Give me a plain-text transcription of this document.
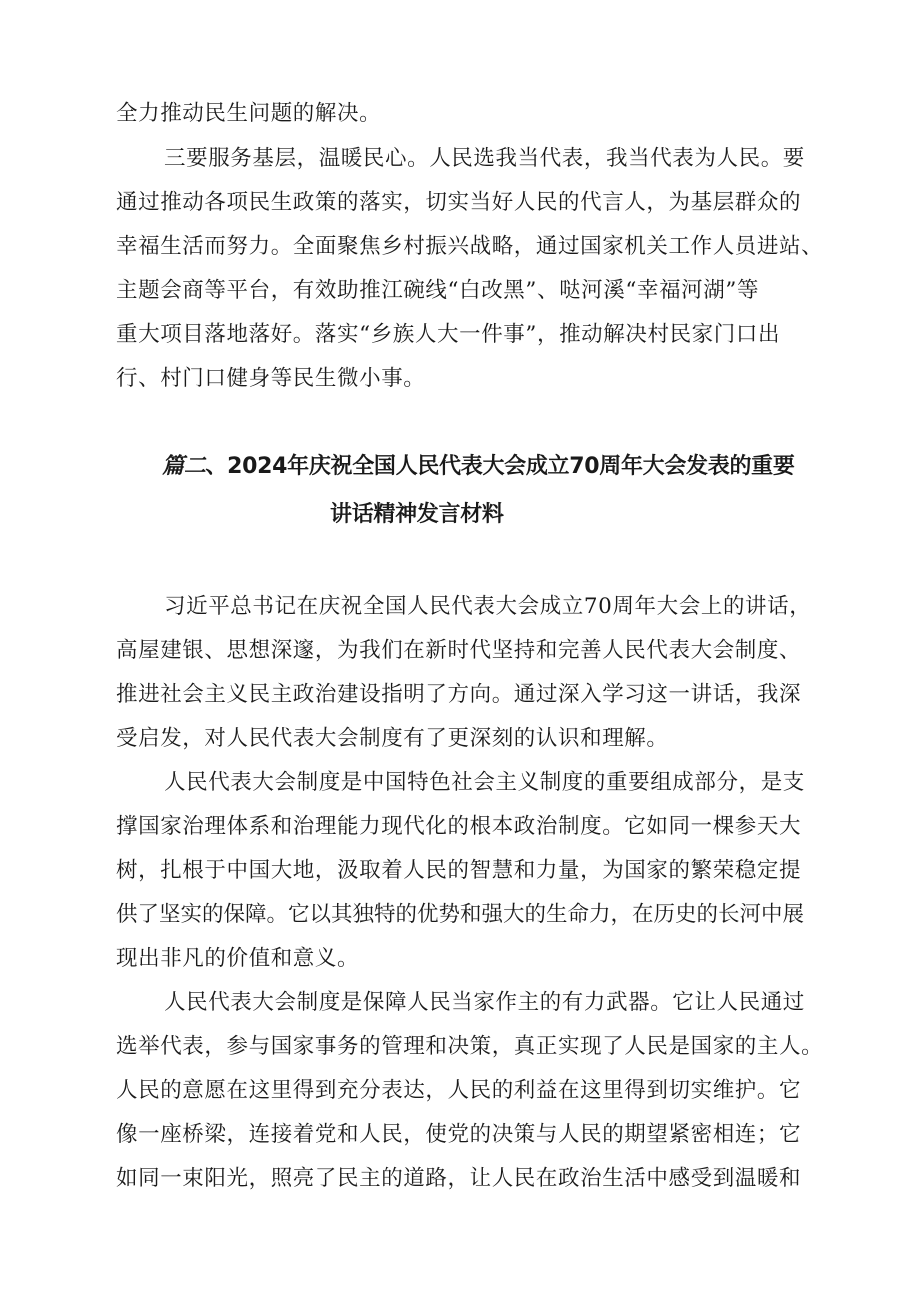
全力推动民生问题的解决。
三要服务基层，温暖民心。人民选我当代表，我当代表为人民。要
通过推动各项民生政策的落实，切实当好人民的代言人，为基层群众的
幸福生活而努力。全面聚焦乡村振兴战略，通过国家机关工作人员进站、
主题会商等平台，有效助推江碗线“白改黑”、哒河溪“幸福河湖”等
重大项目落地落好。落实“乡族人大一件事”，推动解决村民家门口出
行、村门口健身等民生微小事。
篇二、2024年庆祝全国人民代表大会成立70周年大会发表的重要
讲话精神发言材料
习近平总书记在庆祝全国人民代表大会成立70周年大会上的讲话，
高屋建银、思想深邃，为我们在新时代坚持和完善人民代表大会制度、
推进社会主义民主政治建设指明了方向。通过深入学习这一讲话，我深
受启发，对人民代表大会制度有了更深刻的认识和理解。
人民代表大会制度是中国特色社会主义制度的重要组成部分，是支
撑国家治理体系和治理能力现代化的根本政治制度。它如同一棵参天大
树，扎根于中国大地，汲取着人民的智慧和力量，为国家的繁荣稳定提
供了坚实的保障。它以其独特的优势和强大的生命力，在历史的长河中展
现出非凡的价值和意义。
人民代表大会制度是保障人民当家作主的有力武器。它让人民通过
选举代表，参与国家事务的管理和决策，真正实现了人民是国家的主人。
人民的意愿在这里得到充分表达，人民的利益在这里得到切实维护。它
像一座桥梁，连接着党和人民，使党的决策与人民的期望紧密相连；它
如同一束阳光，照亮了民主的道路，让人民在政治生活中感受到温暖和
